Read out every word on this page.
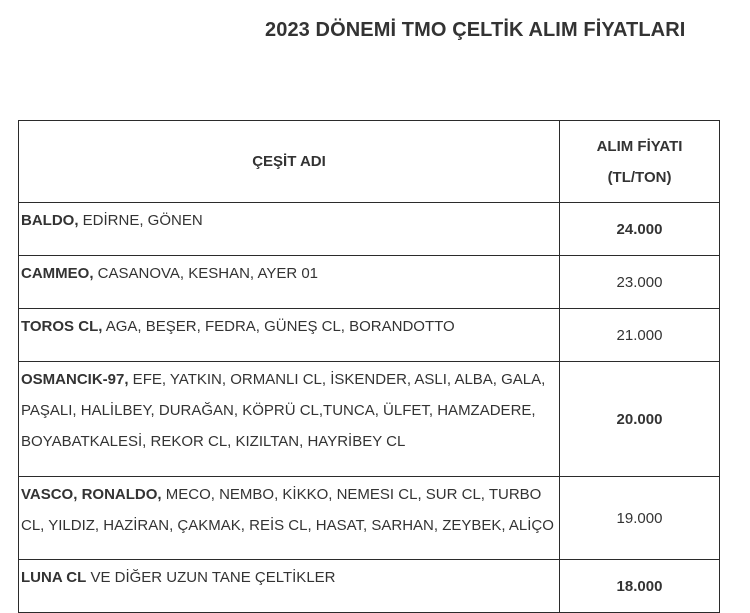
2023 DÖNEMİ TMO ÇELTİK ALIM FİYATLARI
ÇEŞİT ADI	ALIM FİYATI
(TL/TON)

BALDO, EDİRNE, GÖNEN	24.000
CAMMEO, CASANOVA, KESHAN, AYER 01	23.000
TOROS CL, AGA, BEŞER, FEDRA, GÜNEŞ CL, BORANDOTTO	21.000
OSMANCIK-97, EFE, YATKIN, ORMANLI CL, İSKENDER, ASLI, ALBA, GALA, PAŞALI, HALİLBEY, DURAĞAN, KÖPRÜ CL,TUNCA, ÜLFET, HAMZADERE, BOYABATKALESİ, REKOR CL, KIZILTAN, HAYRİBEY CL	20.000
VASCO, RONALDO, MECO, NEMBO, KİKKO, NEMESI CL, SUR CL, TURBO CL, YILDIZ, HAZİRAN, ÇAKMAK, REİS CL, HASAT, SARHAN, ZEYBEK, ALİÇO	19.000
LUNA CL VE DİĞER UZUN TANE ÇELTİKLER	18.000
